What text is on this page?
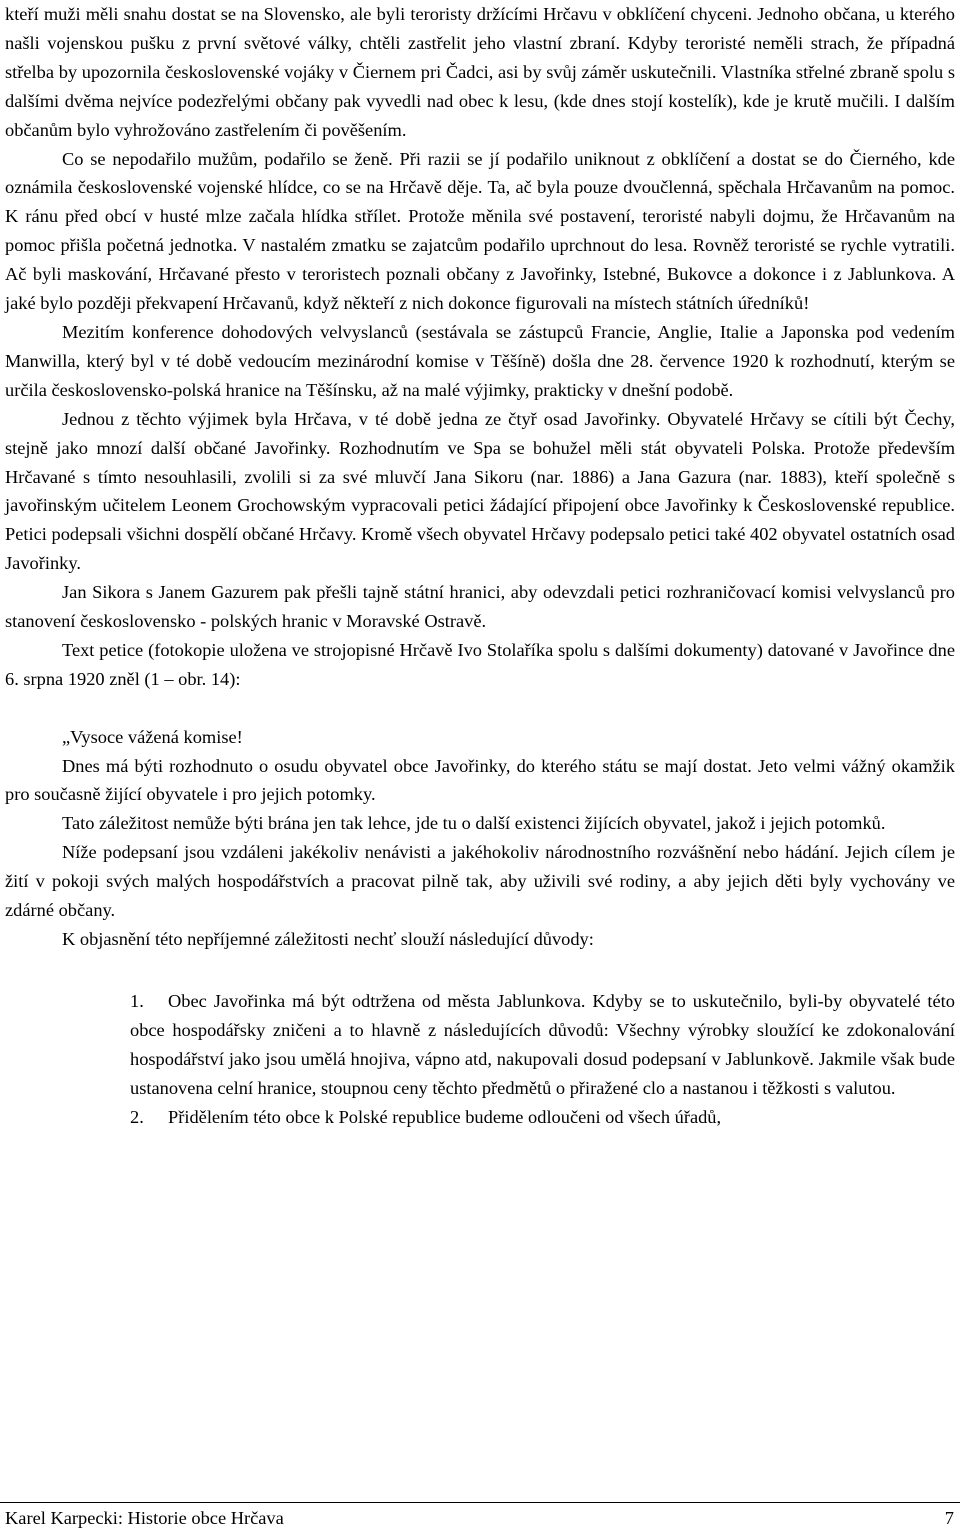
kteří muži měli snahu dostat se na Slovensko, ale byli teroristy držícími Hrčavu v obklíčení chyceni. Jednoho občana, u kterého našli vojenskou pušku z první světové války, chtěli zastřelit jeho vlastní zbraní. Kdyby teroristé neměli strach, že případná střelba by upozornila československé vojáky v Čiernem pri Čadci, asi by svůj záměr uskutečnili. Vlastníka střelné zbraně spolu s dalšími dvěma nejvíce podezřelými občany pak vyvedli nad obec k lesu, (kde dnes stojí kostelík), kde je krutě mučili. I dalším občanům bylo vyhrožováno zastřelením či pověšením.

Co se nepodařilo mužům, podařilo se ženě. Při razii se jí podařilo uniknout z obklíčení a dostat se do Čierného, kde oznámila československé vojenské hlídce, co se na Hrčavě děje. Ta, ač byla pouze dvoučlenná, spěchala Hrčavanům na pomoc. K ránu před obcí v husté mlze začala hlídka střílet. Protože měnila své postavení, teroristé nabyli dojmu, že Hrčavanům na pomoc přišla početná jednotka. V nastalém zmatku se zajatcům podařilo uprchnout do lesa. Rovněž teroristé se rychle vytratili. Ač byli maskování, Hrčavané přesto v teroristech poznali občany z Javořinky, Istebné, Bukovce a dokonce i z Jablunkova. A jaké bylo později překvapení Hrčavanů, když někteří z nich dokonce figurovali na místech státních úředníků!

Mezitím konference dohodových velvyslanců (sestávala se zástupců Francie, Anglie, Italie a Japonska pod vedením Manwilla, který byl v té době vedoucím mezinárodní komise v Těšíně) došla dne 28. července 1920 k rozhodnutí, kterým se určila československo-polská hranice na Těšínsku, až na malé výjimky, prakticky v dnešní podobě.

Jednou z těchto výjimek byla Hrčava, v té době jedna ze čtyř osad Javořinky. Obyvatelé Hrčavy se cítili být Čechy, stejně jako mnozí další občané Javořinky. Rozhodnutím ve Spa se bohužel měli stát obyvateli Polska. Protože především Hrčavané s tímto nesouhlasili, zvolili si za své mluvčí Jana Sikoru (nar. 1886) a Jana Gazura (nar. 1883), kteří společně s javořinským učitelem Leonem Grochowským vypracovali petici žádající připojení obce Javořinky k Československé republice. Petici podepsali všichni dospělí občané Hrčavy. Kromě všech obyvatel Hrčavy podepsalo petici také 402 obyvatel ostatních osad Javořinky.

Jan Sikora s Janem Gazurem pak přešli tajně státní hranici, aby odevzdali petici rozhraničovací komisi velvyslanců pro stanovení československo - polských hranic v Moravské Ostravě.

Text petice (fotokopie uložena ve strojopisné Hrčavě Ivo Stolaříka spolu s dalšími dokumenty) datované v Javořince dne 6. srpna 1920 zněl (1 – obr. 14):

„Vysoce vážená komise!

Dnes má býti rozhodnuto o osudu obyvatel obce Javořinky, do kterého státu se mají dostat. Jeto velmi vážný okamžik pro současně žijící obyvatele i pro jejich potomky.

Tato záležitost nemůže býti brána jen tak lehce, jde tu o další existenci žijících obyvatel, jakož i jejich potomků.

Níže podepsaní jsou vzdáleni jakékoliv nenávisti a jakéhokoliv národnostního rozvášnění nebo hádání. Jejich cílem je žití v pokoji svých malých hospodářstvích a pracovat pilně tak, aby uživili své rodiny, a aby jejich děti byly vychovány ve zdárné občany.

K objasnění této nepříjemné záležitosti nechť slouží následující důvody:

1. Obec Javořinka má být odtržena od města Jablunkova. Kdyby se to uskutečnilo, byli-by obyvatelé této obce hospodářsky zničeni a to hlavně z následujících důvodů: Všechny výrobky sloužící ke zdokonalování hospodářství jako jsou umělá hnojiva, vápno atd, nakupovali dosud podepsaní v Jablunkově. Jakmile však bude ustanovena celní hranice, stoupnou ceny těchto předmětů o přiražené clo a nastanou i těžkosti s valutou.

2. Přidělením této obce k Polské republice budeme odloučeni od všech úřadů,

Karel Karpecki: Historie obce Hrčava	7
